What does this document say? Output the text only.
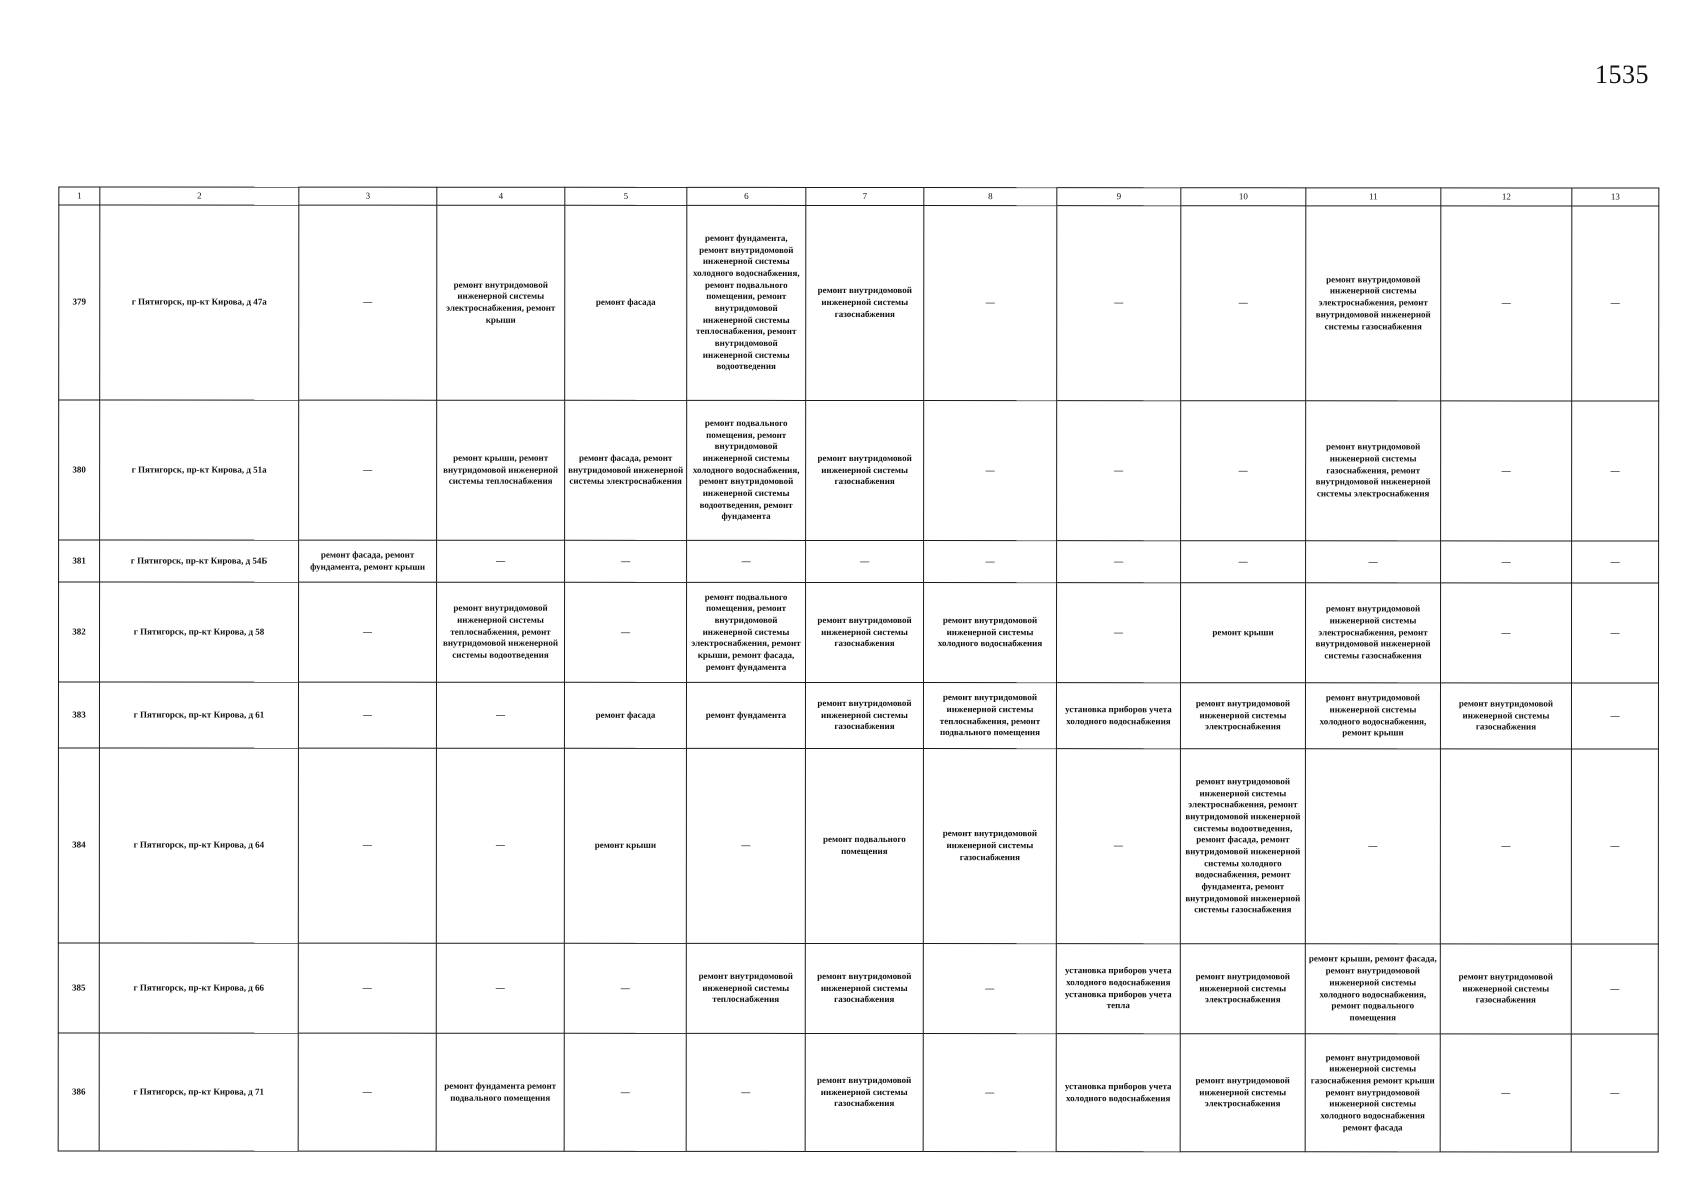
1535
1	2	3	4	5	6	7	8	9	10	11	12	13
379	г Пятигорск, пр-кт Кирова, д 47а	—	ремонт внутридомовой инженерной системы электроснабжения, ремонт крыши	ремонт фасада	ремонт фундамента, ремонт внутридомовой инженерной системы холодного водоснабжения, ремонт подвального помещения, ремонт внутридомовой инженерной системы теплоснабжения, ремонт внутридомовой инженерной системы водоотведения	ремонт внутридомовой инженерной системы газоснабжения	—	—	—	ремонт внутридомовой инженерной системы электроснабжения, ремонт внутридомовой инженерной системы газоснабжения	—	—
380	г Пятигорск, пр-кт Кирова, д 51а	—	ремонт крыши, ремонт внутридомовой инженерной системы теплоснабжения	ремонт фасада, ремонт внутридомовой инженерной системы электроснабжения	ремонт подвального помещения, ремонт внутридомовой инженерной системы холодного водоснабжения, ремонт внутридомовой инженерной системы водоотведения, ремонт фундамента	ремонт внутридомовой инженерной системы газоснабжения	—	—	—	ремонт внутридомовой инженерной системы газоснабжения, ремонт внутридомовой инженерной системы электроснабжения	—	—
381	г Пятигорск, пр-кт Кирова, д 54Б	ремонт фасада, ремонт фундамента, ремонт крыши	—	—	—	—	—	—	—	—	—	—
382	г Пятигорск, пр-кт Кирова, д 58	—	ремонт внутридомовой инженерной системы теплоснабжения, ремонт внутридомовой инженерной системы водоотведения	—	ремонт подвального помещения, ремонт внутридомовой инженерной системы электроснабжения, ремонт крыши, ремонт фасада, ремонт фундамента	ремонт внутридомовой инженерной системы газоснабжения	ремонт внутридомовой инженерной системы холодного водоснабжения	—	ремонт крыши	ремонт внутридомовой инженерной системы электроснабжения, ремонт внутридомовой инженерной системы газоснабжения	—	—
383	г Пятигорск, пр-кт Кирова, д 61	—	—	ремонт фасада	ремонт фундамента	ремонт внутридомовой инженерной системы газоснабжения	ремонт внутридомовой инженерной системы теплоснабжения, ремонт подвального помещения	установка приборов учета холодного водоснабжения	ремонт внутридомовой инженерной системы электроснабжения	ремонт внутридомовой инженерной системы холодного водоснабжения, ремонт крыши	ремонт внутридомовой инженерной системы газоснабжения	—
384	г Пятигорск, пр-кт Кирова, д 64	—	—	ремонт крыши	—	ремонт подвального помещения	ремонт внутридомовой инженерной системы газоснабжения	—	ремонт внутридомовой инженерной системы электроснабжения, ремонт внутридомовой инженерной системы водоотведения, ремонт фасада, ремонт внутридомовой инженерной системы холодного водоснабжения, ремонт фундамента, ремонт внутридомовой инженерной системы газоснабжения	—	—	—
385	г Пятигорск, пр-кт Кирова, д 66	—	—	—	ремонт внутридомовой инженерной системы теплоснабжения	ремонт внутридомовой инженерной системы газоснабжения	—	установка приборов учета холодного водоснабжения установка приборов учета тепла	ремонт внутридомовой инженерной системы электроснабжения	ремонт крыши, ремонт фасада, ремонт внутридомовой инженерной системы холодного водоснабжения, ремонт подвального помещения	ремонт внутридомовой инженерной системы газоснабжения	—
386	г Пятигорск, пр-кт Кирова, д 71	—	ремонт фундамента ремонт подвального помещения	—	—	ремонт внутридомовой инженерной системы газоснабжения	—	установка приборов учета холодного водоснабжения	ремонт внутридомовой инженерной системы электроснабжения	ремонт внутридомовой инженерной системы газоснабжения ремонт крыши ремонт внутридомовой инженерной системы холодного водоснабжения ремонт фасада	—	—
